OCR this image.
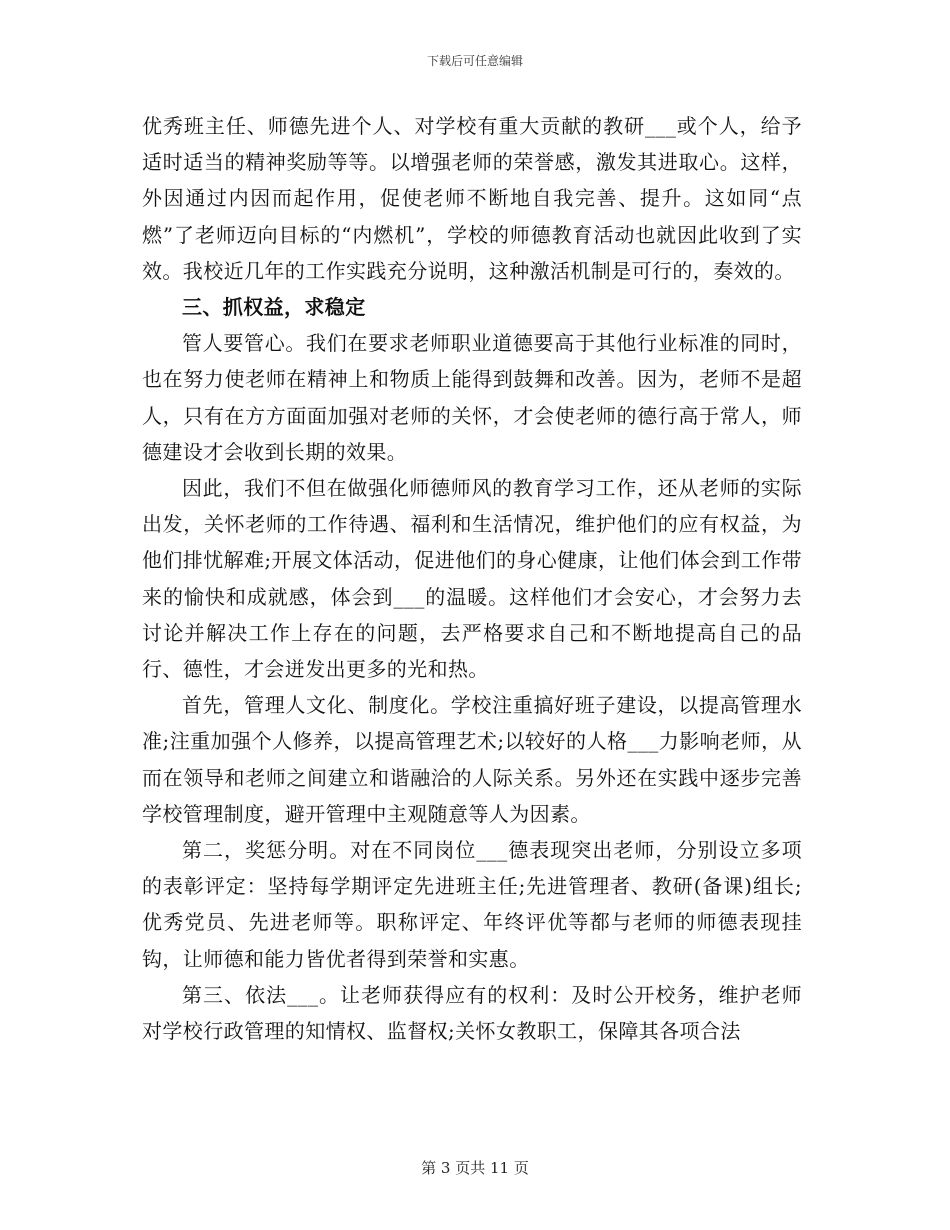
下载后可任意编辑

优秀班主任、师德先进个人、对学校有重大贡献的教研___或个人，给予适时适当的精神奖励等等。以增强老师的荣誉感，激发其进取心。这样，外因通过内因而起作用，促使老师不断地自我完善、提升。这如同“点燃”了老师迈向目标的“内燃机”，学校的师德教育活动也就因此收到了实效。我校近几年的工作实践充分说明，这种激活机制是可行的，奏效的。

三、抓权益，求稳定

管人要管心。我们在要求老师职业道德要高于其他行业标准的同时，也在努力使老师在精神上和物质上能得到鼓舞和改善。因为，老师不是超人，只有在方方面面加强对老师的关怀，才会使老师的德行高于常人，师德建设才会收到长期的效果。

因此，我们不但在做强化师德师风的教育学习工作，还从老师的实际出发，关怀老师的工作待遇、福利和生活情况，维护他们的应有权益，为他们排忧解难;开展文体活动，促进他们的身心健康，让他们体会到工作带来的愉快和成就感，体会到___的温暖。这样他们才会安心，才会努力去讨论并解决工作上存在的问题，去严格要求自己和不断地提高自己的品行、德性，才会迸发出更多的光和热。

首先，管理人文化、制度化。学校注重搞好班子建设，以提高管理水准;注重加强个人修养，以提高管理艺术;以较好的人格___力影响老师，从而在领导和老师之间建立和谐融洽的人际关系。另外还在实践中逐步完善学校管理制度，避开管理中主观随意等人为因素。

第二，奖惩分明。对在不同岗位___德表现突出老师，分别设立多项的表彰评定：坚持每学期评定先进班主任;先进管理者、教研(备课)组长;优秀党员、先进老师等。职称评定、年终评优等都与老师的师德表现挂钩，让师德和能力皆优者得到荣誉和实惠。

第三、依法___。让老师获得应有的权利：及时公开校务，维护老师对学校行政管理的知情权、监督权;关怀女教职工，保障其各项合法

第 3 页共 11 页
